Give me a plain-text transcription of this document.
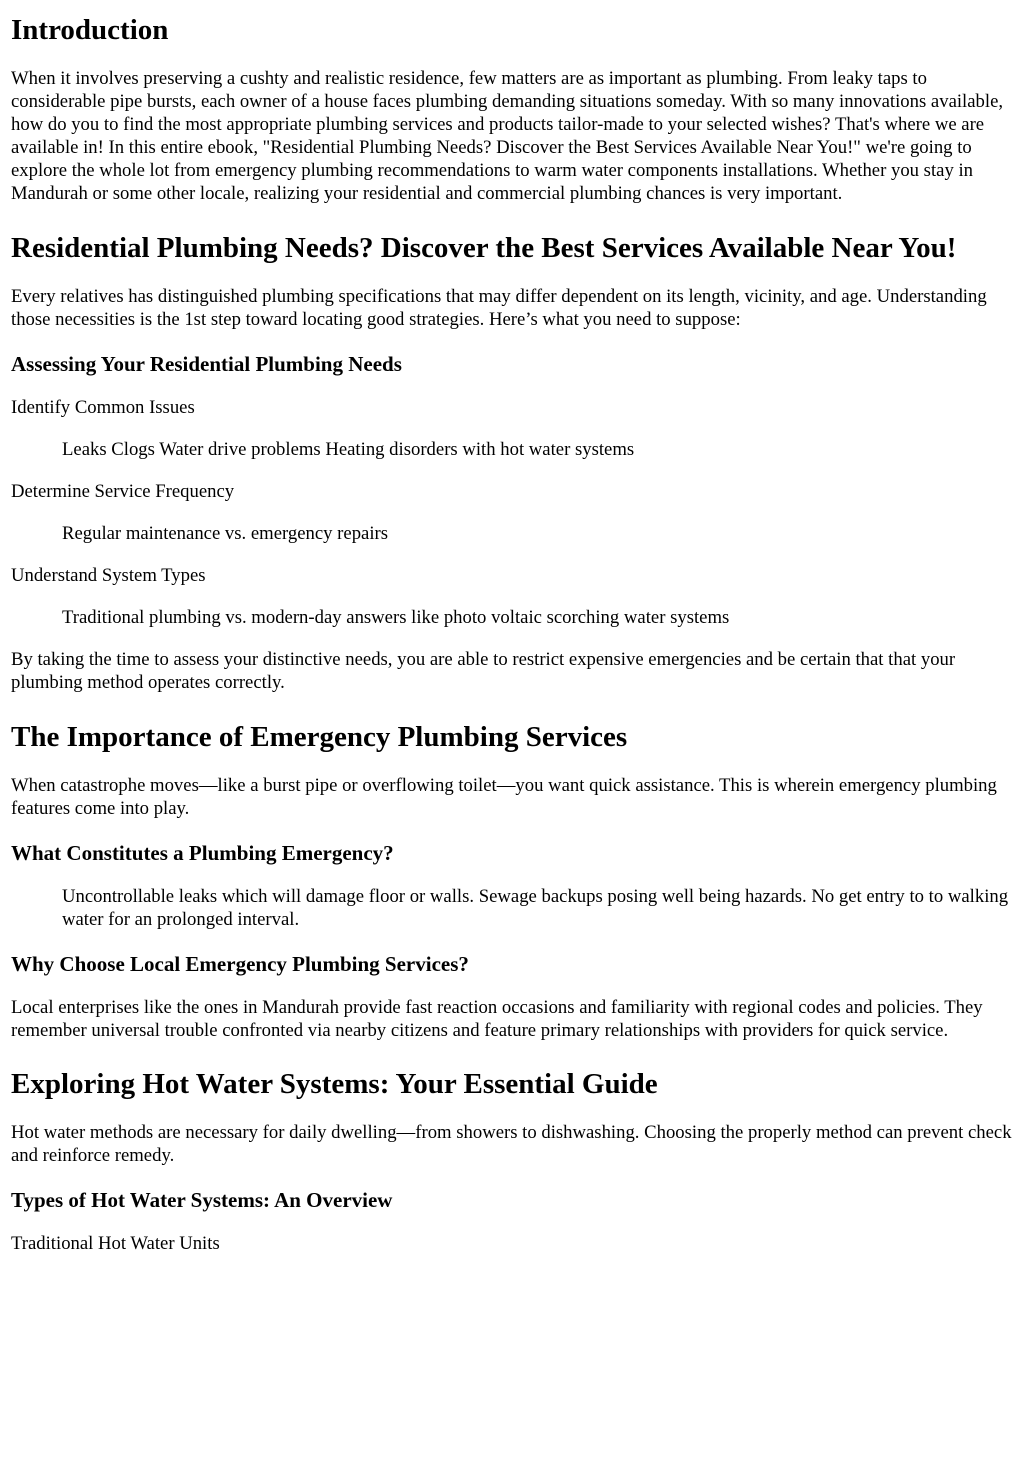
Introduction

When it involves preserving a cushty and realistic residence, few matters are as important as plumbing. From leaky taps to considerable pipe bursts, each owner of a house faces plumbing demanding situations someday. With so many innovations available, how do you to find the most appropriate plumbing services and products tailor-made to your selected wishes? That's where we are available in! In this entire ebook, "Residential Plumbing Needs? Discover the Best Services Available Near You!" we're going to explore the whole lot from emergency plumbing recommendations to warm water components installations. Whether you stay in Mandurah or some other locale, realizing your residential and commercial plumbing chances is very important.

Residential Plumbing Needs? Discover the Best Services Available Near You!

Every relatives has distinguished plumbing specifications that may differ dependent on its length, vicinity, and age. Understanding those necessities is the 1st step toward locating good strategies. Here’s what you need to suppose:

Assessing Your Residential Plumbing Needs

Identify Common Issues

Leaks Clogs Water drive problems Heating disorders with hot water systems

Determine Service Frequency

Regular maintenance vs. emergency repairs

Understand System Types

Traditional plumbing vs. modern-day answers like photo voltaic scorching water systems

By taking the time to assess your distinctive needs, you are able to restrict expensive emergencies and be certain that that your plumbing method operates correctly.

The Importance of Emergency Plumbing Services

When catastrophe moves—like a burst pipe or overflowing toilet—you want quick assistance. This is wherein emergency plumbing features come into play.

What Constitutes a Plumbing Emergency?

Uncontrollable leaks which will damage floor or walls. Sewage backups posing well being hazards. No get entry to to walking water for an prolonged interval.

Why Choose Local Emergency Plumbing Services?

Local enterprises like the ones in Mandurah provide fast reaction occasions and familiarity with regional codes and policies. They remember universal trouble confronted via nearby citizens and feature primary relationships with providers for quick service.

Exploring Hot Water Systems: Your Essential Guide

Hot water methods are necessary for daily dwelling—from showers to dishwashing. Choosing the properly method can prevent check and reinforce remedy.

Types of Hot Water Systems: An Overview

Traditional Hot Water Units
